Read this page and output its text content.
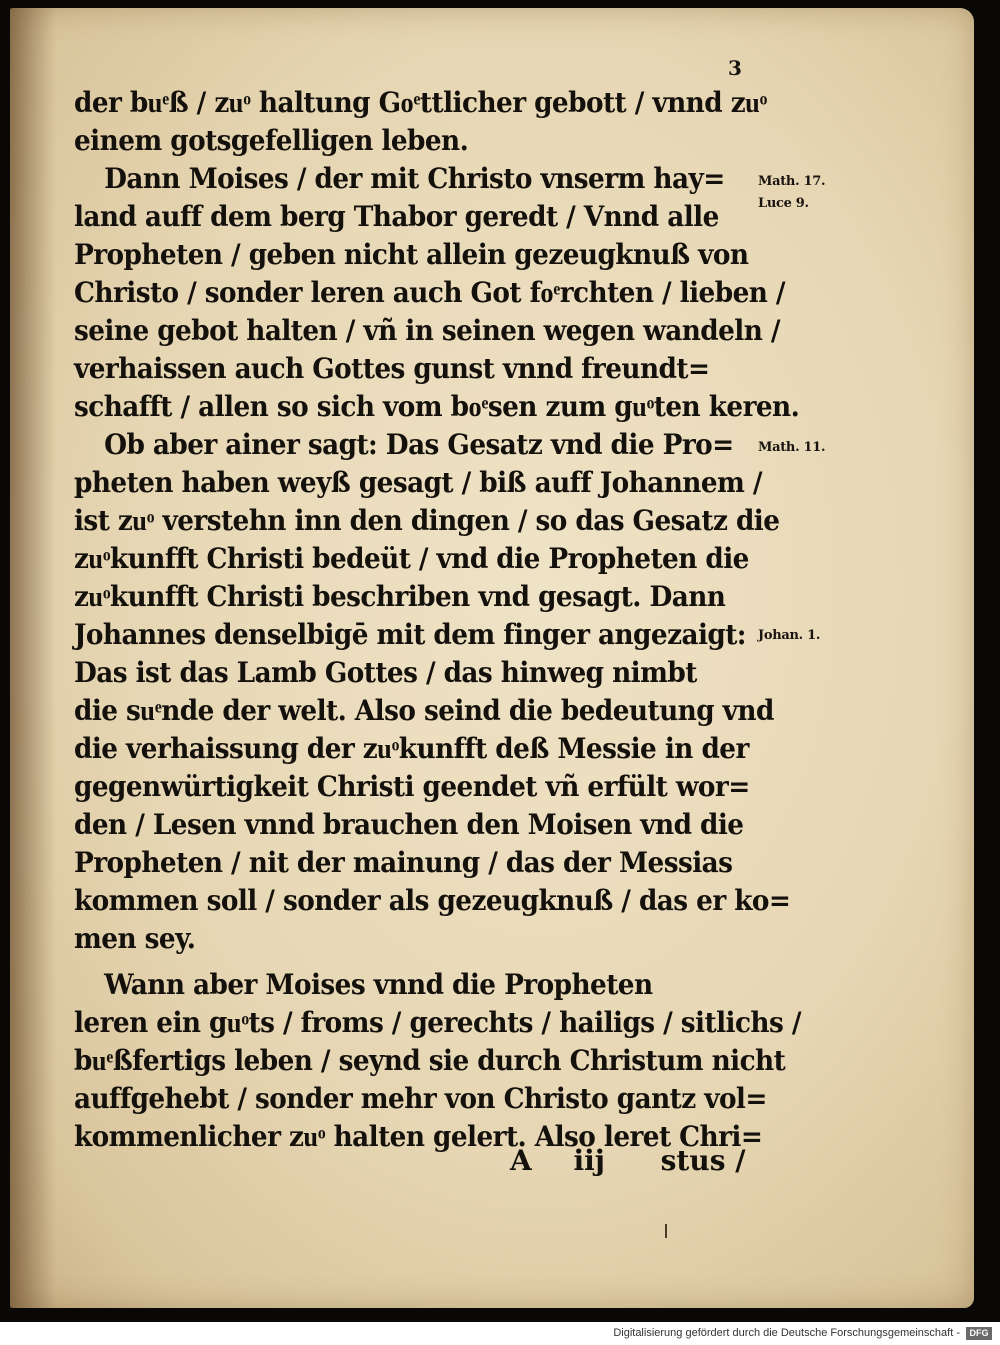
3
der buͤß / zuͦ haltung Goͤttlicher gebott / vnnd zuͦ
einem gotsgefelligen leben.
Dann Moises / der mit Christo vnserm hay=
land auff dem berg Thabor geredt / Vnnd alle
Propheten / geben nicht allein gezeugknuß von
Christo / sonder leren auch Got foͤrchten / lieben /
seine gebot halten / vñ in seinen wegen wandeln /
verhaissen auch Gottes gunst vnnd freundt=
schafft / allen so sich vom boͤsen zum guͦten keren.
Ob aber ainer sagt: Das Gesatz vnd die Pro=
pheten haben weyß gesagt / biß auff Johannem /
ist zuͦ verstehn inn den dingen / so das Gesatz die
zuͦkunfft Christi bedeüt / vnd die Propheten die
zuͦkunfft Christi beschriben vnd gesagt. Dann
Johannes denselbigē mit dem finger angezaigt:
Das ist das Lamb Gottes / das hinweg nimbt
die suͤnde der welt. Also seind die bedeutung vnd
die verhaissung der zuͦkunfft deß Messie in der
gegenwürtigkeit Christi geendet vñ erfült wor=
den / Lesen vnnd brauchen den Moisen vnd die
Propheten / nit der mainung / das der Messias
kommen soll / sonder als gezeugknuß / das er ko=
men sey.
Wann aber Moises vnnd die Propheten
leren ein guͦts / froms / gerechts / hailigs / sitlichs /
buͤßfertigs leben / seynd sie durch Christum nicht
auffgehebt / sonder mehr von Christo gantz vol=
kommenlicher zuͦ halten gelert. Also leret Chri=
Math. 17.
Luce 9.
Math. 11.
Johan. 1.
A iij stus /
Digitalisierung gefördert durch die Deutsche Forschungsgemeinschaft -	DFG
